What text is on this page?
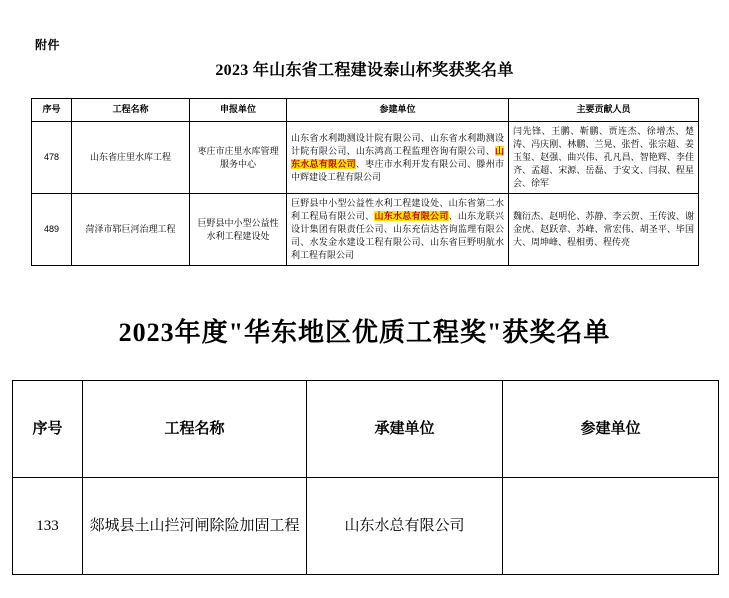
附件
2023 年山东省工程建设泰山杯奖获奖名单
序号	工程名称	申报单位	参建单位	主要贡献人员
478	山东省庄里水库工程	枣庄市庄里水库管理服务中心	山东省水利勘测设计院有限公司、山东省水利勘测设计院有限公司、山东鸿高工程监理咨询有限公司、山东水总有限公司、枣庄市水利开发有限公司、滕州市中辉建设工程有限公司	闫先锋、王鹏、靳鹏、贾连杰、徐增杰、楚涛、冯庆刚、林鹏、兰晃、张哲、张宗超、姜玉玺、赵强、曲兴伟、孔凡昌、智艳辉、李佳齐、孟超、宋源、岳磊、于安文、闫叔、程星会、徐军
489	菏泽市郓巨河治理工程	巨野县中小型公益性水利工程建设处	巨野县中小型公益性水利工程建设处、山东省第二水利工程局有限公司、山东水总有限公司、山东龙联兴设计集团有限责任公司、山东充信达咨询监理有限公司、水发金水建设工程有限公司、山东省巨野明航水利工程有限公司	魏衍杰、赵明伦、苏静、李云贺、王传波、谢金虎、赵跃章、苏峰、常宏伟、胡圣平、毕国大、周坤峰、程相勇、程传亮
2023年度"华东地区优质工程奖"获奖名单
序号	工程名称	承建单位	参建单位
133	郯城县土山拦河闸除险加固工程	山东水总有限公司	
